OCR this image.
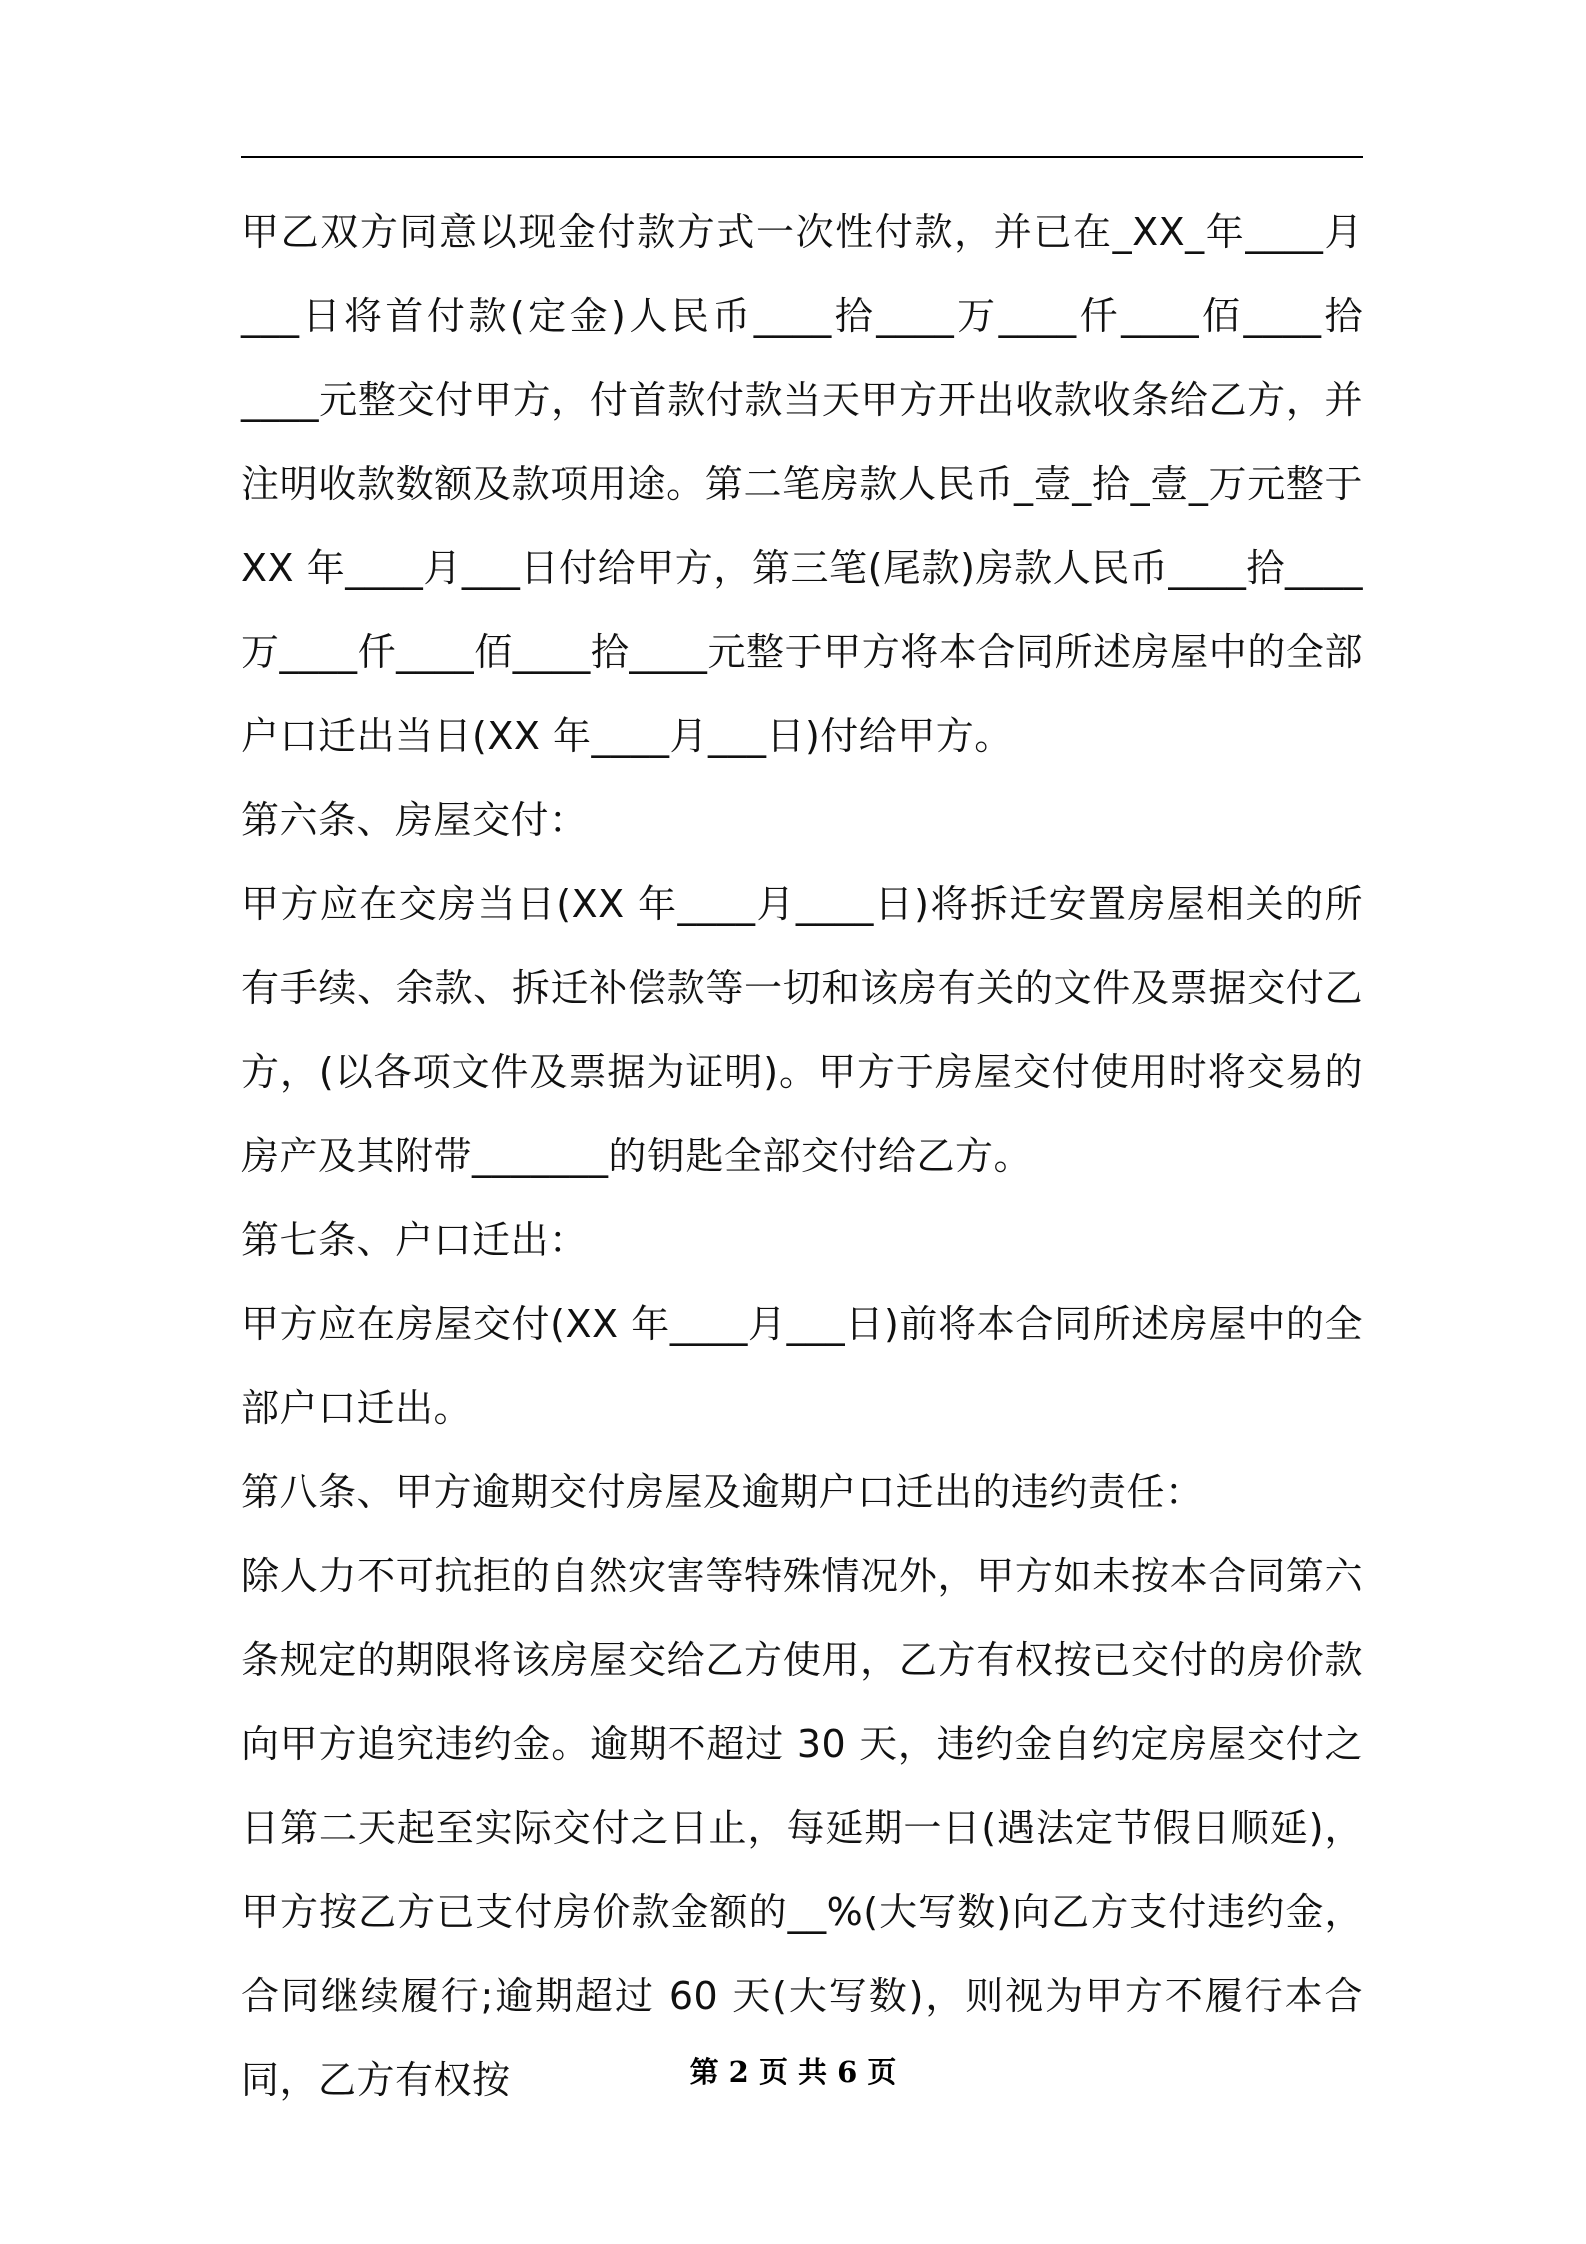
甲乙双方同意以现金付款方式一次性付款，并已在_XX_年____月___日将首付款(定金)人民币____拾____万____仟____佰____拾____元整交付甲方，付首款付款当天甲方开出收款收条给乙方，并注明收款数额及款项用途。第二笔房款人民币_壹_拾_壹_万元整于XX 年____月___日付给甲方，第三笔(尾款)房款人民币____拾____万____仟____佰____拾____元整于甲方将本合同所述房屋中的全部户口迁出当日(XX 年____月___日)付给甲方。

第六条、房屋交付：

甲方应在交房当日(XX 年____月____日)将拆迁安置房屋相关的所有手续、余款、拆迁补偿款等一切和该房有关的文件及票据交付乙方，(以各项文件及票据为证明)。甲方于房屋交付使用时将交易的房产及其附带_______的钥匙全部交付给乙方。

第七条、户口迁出：

甲方应在房屋交付(XX 年____月___日)前将本合同所述房屋中的全部户口迁出。

第八条、甲方逾期交付房屋及逾期户口迁出的违约责任：

除人力不可抗拒的自然灾害等特殊情况外，甲方如未按本合同第六条规定的期限将该房屋交给乙方使用，乙方有权按已交付的房价款向甲方追究违约金。逾期不超过 30 天，违约金自约定房屋交付之日第二天起至实际交付之日止，每延期一日(遇法定节假日顺延)，甲方按乙方已支付房价款金额的__%(大写数)向乙方支付违约金，合同继续履行;逾期超过 60 天(大写数)，则视为甲方不履行本合同，乙方有权按	第 2 页 共 6 页
